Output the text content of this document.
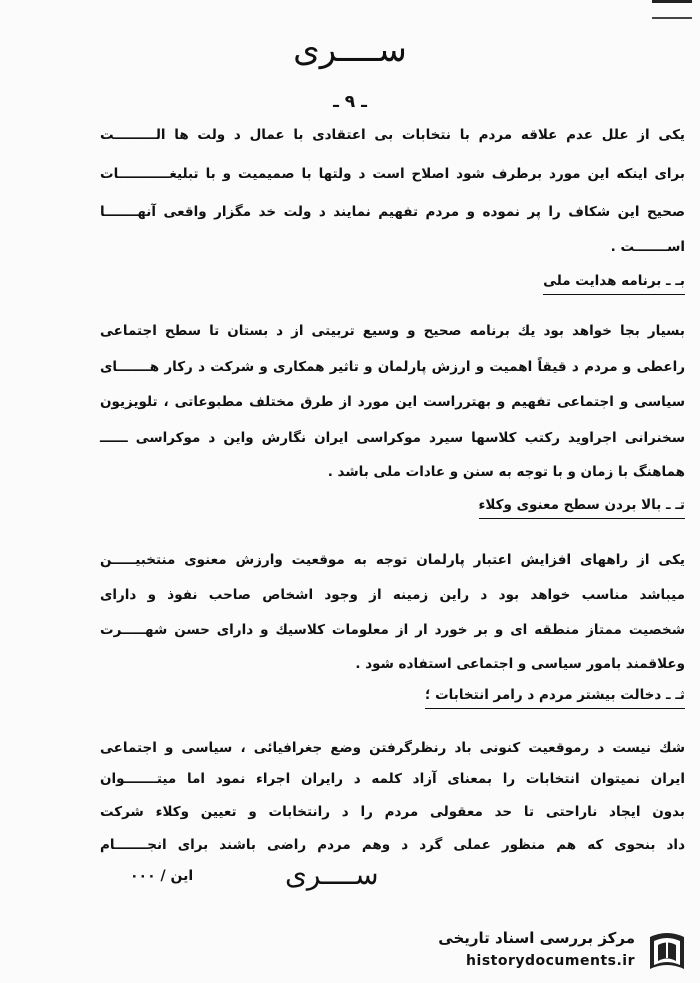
ســــری
ـ ۹ ـ
یکی از علل عدم علاقه مردم با نتخابات بی اعتقادی با عمال د ولت ها الـــــــــت
برای اینکه این مورد برطرف شود اصلاح است د ولتها با صمیمیت و با تبلیغـــــــــــات
صحیح این شکاف را پر نموده و مردم تفهیم نمایند د ولت خد مگزار واقعی آنهـــــــا
اســـــــت .
بـ ـ برنامه هدایت ملی
بسیار بجا خواهد بود یك برنامه صحیح و وسیع تربیتی از د بستان تا سطح اجتماعی
راعطی و مردم د قیقاً اهمیت و ارزش پارلمان و تاثیر همکاری و شرکت د رکار هـــــــای
سیاسی و اجتماعی تفهیم و بهترراست این مورد از طرق مختلف مطبوعاتی ، تلویزیون
سخنرانی اجراوید رکتب کلاسها سیرد موکراسی ایران نگارش واین د موکراسی ــــــ
هماهنگ با زمان و با توجه به سنن و عادات ملی باشد .
تـ ـ بالا بردن سطح معنوی وکلاء
یکی از راههای افزایش اعتبار پارلمان توجه به موقعیت وارزش معنوی منتخبیـــــن
میباشد مناسب خواهد بود د راین زمینه از وجود اشخاص صاحب نفوذ و دارای
شخصیت ممتاز منطقه ای و بر خورد ار از معلومات کلاسیك و دارای حسن شهـــــرت
وعلاقمند بامور سیاسی و اجتماعی استفاده شود .
ثـ ـ دخالت بیشتر مردم د رامر انتخابات ؛
شك نیست د رموقعیت کنونی باد رنظرگرفتن وضع جغرافیائی ، سیاسی و اجتماعی
ایران نمیتوان انتخابات را بمعنای آزاد کلمه د رایران اجراء نمود اما میتـــــــوان
بدون ایجاد ناراحتی تا حد معقولی مردم را د رانتخابات و تعیین وکلاء شرکت
داد بنحوی که هم منظور عملی گرد د وهم مردم راضی باشند برای انجـــــــام
این / ۰۰۰	ســــری
مرکز بررسی اسناد تاریخی
historydocuments.ir
